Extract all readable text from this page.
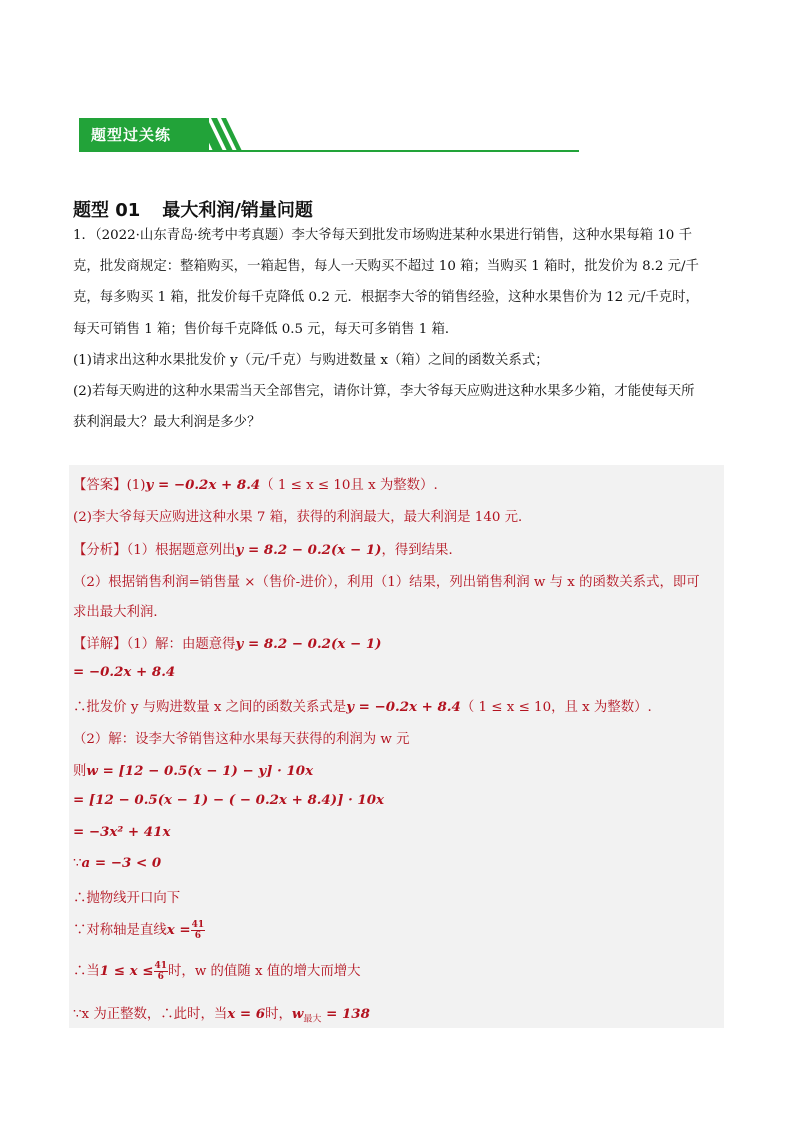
题型过关练
题型 01 最大利润/销量问题
1．（2022·山东青岛·统考中考真题）李大爷每天到批发市场购进某种水果进行销售，这种水果每箱 10 千
克，批发商规定：整箱购买，一箱起售，每人一天购买不超过 10 箱；当购买 1 箱时，批发价为 8.2 元/千
克，每多购买 1 箱，批发价每千克降低 0.2 元．根据李大爷的销售经验，这种水果售价为 12 元/千克时，
每天可销售 1 箱；售价每千克降低 0.5 元，每天可多销售 1 箱．
(1)请求出这种水果批发价 y（元/千克）与购进数量 x（箱）之间的函数关系式；
(2)若每天购进的这种水果需当天全部售完，请你计算，李大爷每天应购进这种水果多少箱，才能使每天所
获利润最大？最大利润是多少？
【答案】(1)y = −0.2x + 8.4（ 1 ≤ x ≤ 10且 x 为整数）.
(2)李大爷每天应购进这种水果 7 箱，获得的利润最大，最大利润是 140 元．
【分析】（1）根据题意列出y = 8.2 − 0.2(x − 1)，得到结果．
（2）根据销售利润=销售量 ×（售价-进价），利用（1）结果，列出销售利润 w 与 x 的函数关系式，即可
求出最大利润．
【详解】（1）解：由题意得y = 8.2 − 0.2(x − 1)
= −0.2x + 8.4
∴批发价 y 与购进数量 x 之间的函数关系式是y = −0.2x + 8.4（ 1 ≤ x ≤ 10，且 x 为整数）.
（2）解：设李大爷销售这种水果每天获得的利润为 w 元
则w = [12 − 0.5(x − 1) − y] · 10x
= [12 − 0.5(x − 1) − ( − 0.2x + 8.4)] · 10x
= −3x² + 41x
∵a = −3 < 0
∴抛物线开口向下
∵对称轴是直线$x = \frac{41}{6}$
∴当$1 \le x \le \frac{41}{6}$ 时，w 的值随 x 值的增大而增大
∵x 为正整数，∴此时，当x = 6时，$w_{最大} = 138$
